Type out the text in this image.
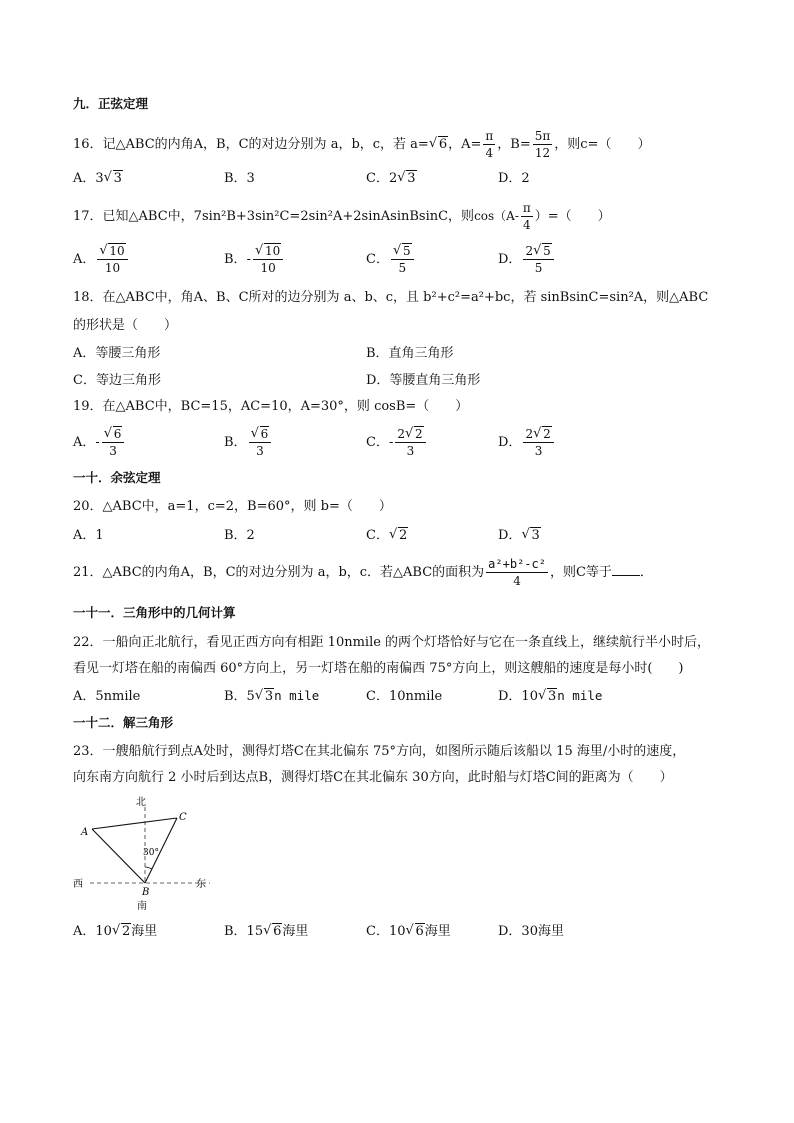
九．正弦定理
16．记△ABC的内角A，B，C的对边分别为 a，b，c，若 a= √ 6，$A= \frac{\pi}{4}$ ，$B= \frac{5\pi}{12}$ ，则c=（　　）
A．3 √ 3	B．3	C．2 √ 3	D．2
17．已知△ABC中，7sin²B+3sin²C=2sin²A+2sinAsinBsinC，则$\cos(A- \frac{\pi}{4}$ ）=（　　）
A． √ $\frac{10}{10}$	B．- √ $\frac{10}{10}$	C． √ $\frac{5}{5}$	D． $\frac{2 √ 5}{5}$
18．在△ABC中，角A、B、C所对的边分别为 a、b、c，且 b²+c²=a²+bc，若 sinBsinC=sin²A，则△ABC
的形状是（　　）
A．等腰三角形	B．直角三角形
C．等边三角形	D．等腰直角三角形
19．在△ABC中，BC=15，AC=10，A=30°，则 cosB=（　　）
A．- √ $\frac{6}{3}$	B． √ $\frac{6}{3}$	C．- $\frac{2 √ 2}{3}$	D． $\frac{2 √ 2}{3}$
一十．余弦定理
20．△ABC中，a=1，c=2，B=60°，则 b=（　　）
A．1	B．2	C． √ 2	D． √ 3
21．△ABC的内角A，B，C的对边分别为 a，b，c．若△ABC的面积为 $\frac{\text{a²+b²-c²}}{4}$ ，则C等于 ．
一十一．三角形中的几何计算
22．一船向正北航行，看见正西方向有相距 10nmile 的两个灯塔恰好与它在一条直线上，继续航行半小时后，
看见一灯塔在船的南偏西 60°方向上，另一灯塔在船的南偏西 75°方向上，则这艘船的速度是每小时(　　)
A．5nmile	B．5 √ 3n mile	C．10nmile	D．10 √ 3n mile
一十二．解三角形
23．一艘船航行到点A处时，测得灯塔C在其北偏东 75°方向，如图所示随后该船以 15 海里/小时的速度，
向东南方向航行 2 小时后到达点B，测得灯塔C在其北偏东 30方向，此时船与灯塔C间的距离为（　　）
北
A
C
30°
西	东
B
南
A．10 √ 2海里	B．15 √ 6海里	C．10 √ 6海里	D．30海里
